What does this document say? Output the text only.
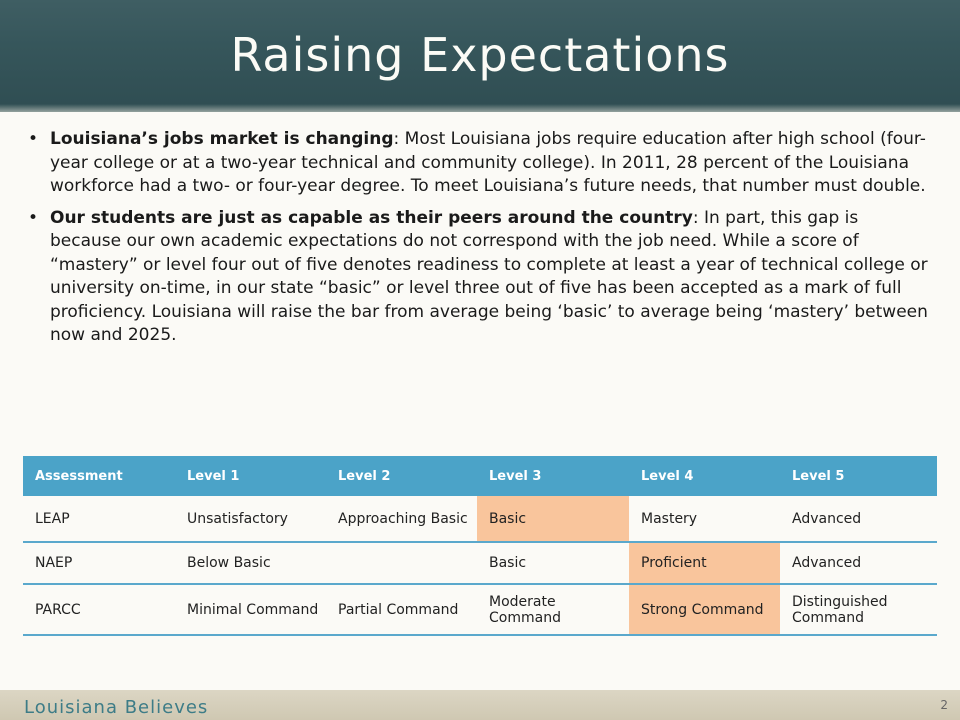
Raising Expectations
• Louisiana’s jobs market is changing: Most Louisiana jobs require education after high school (four-year college or at a two-year technical and community college). In 2011, 28 percent of the Louisiana workforce had a two- or four-year degree. To meet Louisiana’s future needs, that number must double.
• Our students are just as capable as their peers around the country: In part, this gap is because our own academic expectations do not correspond with the job need. While a score of “mastery” or level four out of five denotes readiness to complete at least a year of technical college or university on-time, in our state “basic” or level three out of five has been accepted as a mark of full proficiency. Louisiana will raise the bar from average being ‘basic’ to average being ‘mastery’ between now and 2025.
Assessment	Level 1	Level 2	Level 3	Level 4	Level 5
LEAP	Unsatisfactory	Approaching Basic	Basic	Mastery	Advanced
NAEP	Below Basic		Basic	Proficient	Advanced
PARCC	Minimal Command	Partial Command	Moderate Command	Strong Command	Distinguished Command
Louisiana Believes	2
